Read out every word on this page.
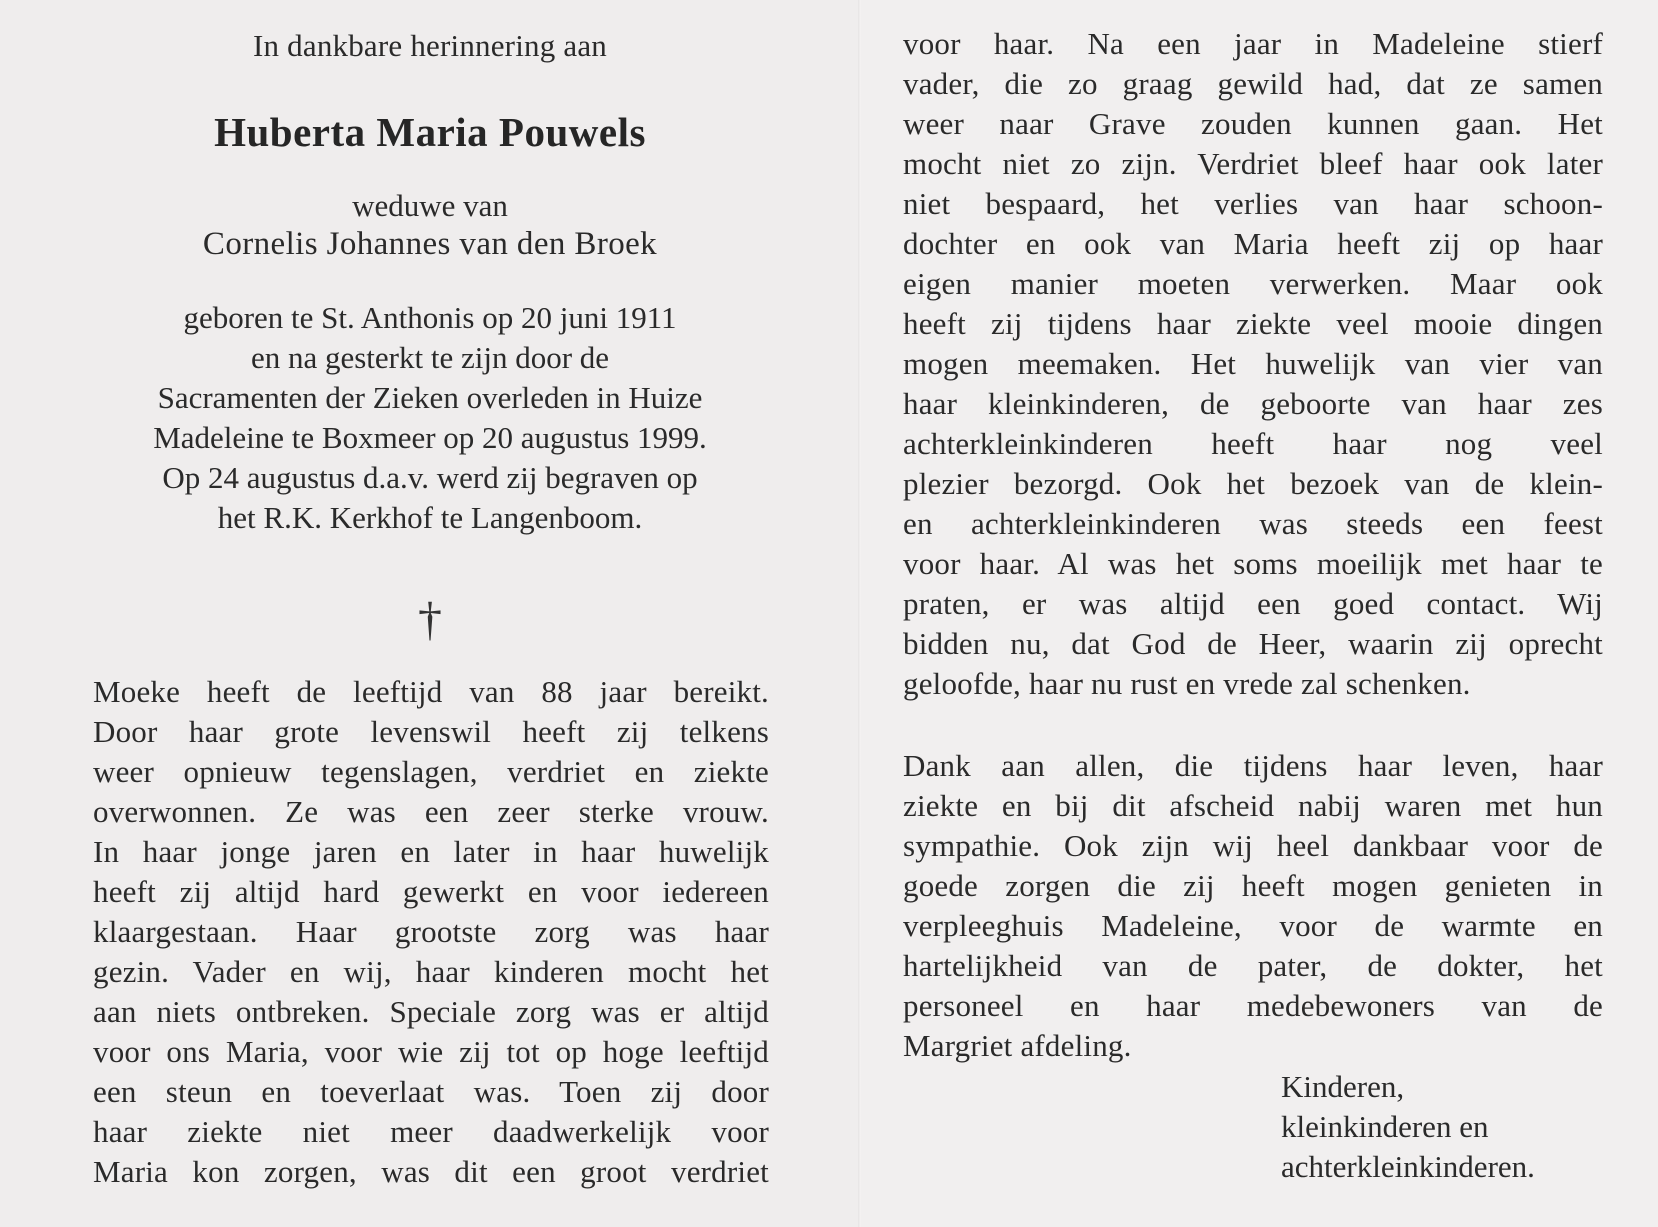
In dankbare herinnering aan
Huberta Maria Pouwels
weduwe van
Cornelis Johannes van den Broek
geboren te St. Anthonis op 20 juni 1911
en na gesterkt te zijn door de
Sacramenten der Zieken overleden in Huize
Madeleine te Boxmeer op 20 augustus 1999.
Op 24 augustus d.a.v. werd zij begraven op
het R.K. Kerkhof te Langenboom.
†
Moeke heeft de leeftijd van 88 jaar bereikt.
Door haar grote levenswil heeft zij telkens
weer opnieuw tegenslagen, verdriet en ziekte
overwonnen. Ze was een zeer sterke vrouw.
In haar jonge jaren en later in haar huwelijk
heeft zij altijd hard gewerkt en voor iedereen
klaargestaan. Haar grootste zorg was haar
gezin. Vader en wij, haar kinderen mocht het
aan niets ontbreken. Speciale zorg was er altijd
voor ons Maria, voor wie zij tot op hoge leeftijd
een steun en toeverlaat was. Toen zij door
haar ziekte niet meer daadwerkelijk voor
Maria kon zorgen, was dit een groot verdriet
voor haar. Na een jaar in Madeleine stierf
vader, die zo graag gewild had, dat ze samen
weer naar Grave zouden kunnen gaan. Het
mocht niet zo zijn. Verdriet bleef haar ook later
niet bespaard, het verlies van haar schoon-
dochter en ook van Maria heeft zij op haar
eigen manier moeten verwerken. Maar ook
heeft zij tijdens haar ziekte veel mooie dingen
mogen meemaken. Het huwelijk van vier van
haar kleinkinderen, de geboorte van haar zes
achterkleinkinderen heeft haar nog veel
plezier bezorgd. Ook het bezoek van de klein-
en achterkleinkinderen was steeds een feest
voor haar. Al was het soms moeilijk met haar te
praten, er was altijd een goed contact. Wij
bidden nu, dat God de Heer, waarin zij oprecht
geloofde, haar nu rust en vrede zal schenken.
Dank aan allen, die tijdens haar leven, haar
ziekte en bij dit afscheid nabij waren met hun
sympathie. Ook zijn wij heel dankbaar voor de
goede zorgen die zij heeft mogen genieten in
verpleeghuis Madeleine, voor de warmte en
hartelijkheid van de pater, de dokter, het
personeel en haar medebewoners van de
Margriet afdeling.
Kinderen,
kleinkinderen en
achterkleinkinderen.
